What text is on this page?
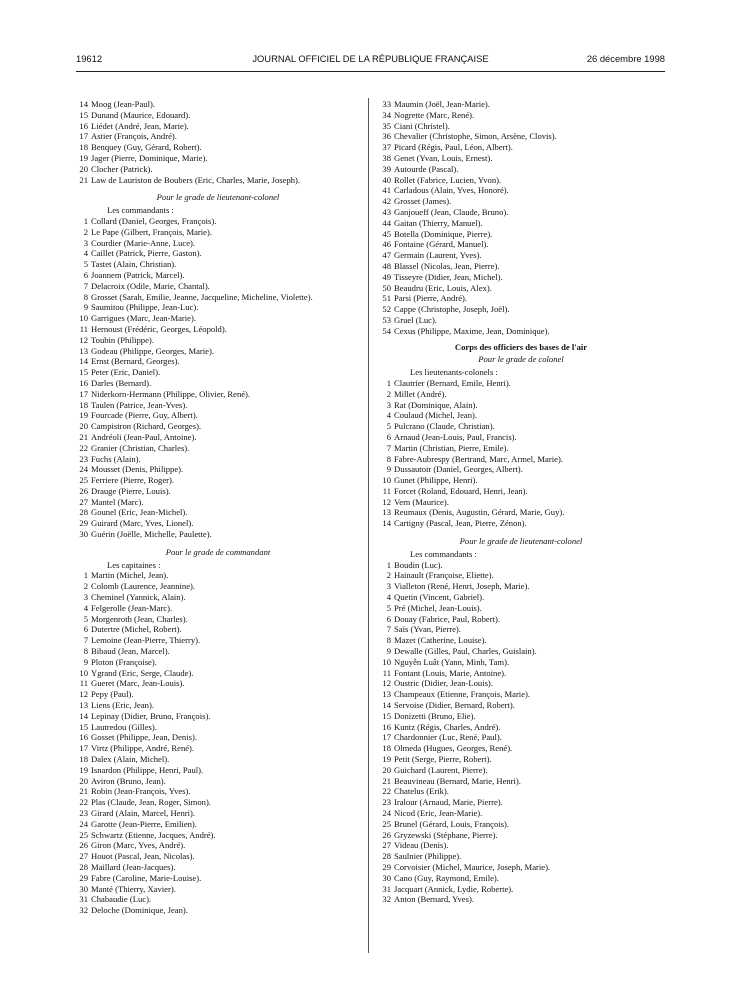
19612	JOURNAL OFFICIEL DE LA RÉPUBLIQUE FRANÇAISE	26 décembre 1998
14 Moog (Jean-Paul).
15 Dunand (Maurice, Edouard).
16 Liédet (André, Jean, Marie).
17 Astier (François, André).
18 Benquey (Guy, Gérard, Robert).
19 Jager (Pierre, Dominique, Marie).
20 Clocher (Patrick).
21 Law de Lauriston de Boubers (Eric, Charles, Marie, Joseph).
Pour le grade de lieutenant-colonel
Les commandants :
1 Collard (Daniel, Georges, François).
2 Le Pape (Gilbert, François, Marie).
3 Courdier (Marie-Anne, Luce).
4 Caillet (Patrick, Pierre, Gaston).
5 Tastet (Alain, Christian).
6 Joannem (Patrick, Marcel).
7 Delacroix (Odile, Marie, Chantal).
8 Grosset (Sarah, Emilie, Jeanne, Jacqueline, Micheline, Violette).
9 Saumitou (Philippe, Jean-Luc).
10 Garrigues (Marc, Jean-Marie).
11 Hernoust (Frédéric, Georges, Léopold).
12 Toubin (Philippe).
13 Godeau (Philippe, Georges, Marie).
14 Ernst (Bernard, Georges).
15 Peter (Eric, Daniel).
16 Darles (Bernard).
17 Niderkorn-Hermann (Philippe, Olivier, René).
18 Taulen (Patrice, Jean-Yves).
19 Fourcade (Pierre, Guy, Albert).
20 Campistron (Richard, Georges).
21 Andréoli (Jean-Paul, Antoine).
22 Granier (Christian, Charles).
23 Fuchs (Alain).
24 Mousset (Denis, Philippe).
25 Ferriere (Pierre, Roger).
26 Drauge (Pierre, Louis).
27 Mantel (Marc).
28 Gounel (Eric, Jean-Michel).
29 Guirard (Marc, Yves, Lionel).
30 Guérin (Joëlle, Michelle, Paulette).
Pour le grade de commandant
Les capitaines :
1 Martin (Michel, Jean).
2 Colomb (Laurence, Jeannine).
3 Cheminel (Yannick, Alain).
4 Felgerolle (Jean-Marc).
5 Morgenroth (Jean, Charles).
6 Dutertre (Michel, Robert).
7 Lemoine (Jean-Pierre, Thierry).
8 Bibaud (Jean, Marcel).
9 Ploton (Françoise).
10 Ygrand (Eric, Serge, Claude).
11 Gueret (Marc, Jean-Louis).
12 Pepy (Paul).
13 Liens (Eric, Jean).
14 Lepinay (Didier, Bruno, François).
15 Lautredou (Gilles).
16 Gosset (Philippe, Jean, Denis).
17 Virtz (Philippe, André, René).
18 Dalex (Alain, Michel).
19 Isnardon (Philippe, Henri, Paul).
20 Aviron (Bruno, Jean).
21 Robin (Jean-François, Yves).
22 Plas (Claude, Jean, Roger, Simon).
23 Girard (Alain, Marcel, Henri).
24 Garotte (Jean-Pierre, Emilien).
25 Schwartz (Etienne, Jacques, André).
26 Giron (Marc, Yves, André).
27 Houot (Pascal, Jean, Nicolas).
28 Maillard (Jean-Jacques).
29 Fabre (Caroline, Marie-Louise).
30 Manté (Thierry, Xavier).
31 Chabaudie (Luc).
32 Deloche (Dominique, Jean).
33 Maumin (Joël, Jean-Marie).
34 Nogrette (Marc, René).
35 Ciani (Christel).
36 Chevalier (Christophe, Simon, Arsène, Clovis).
37 Picard (Régis, Paul, Léon, Albert).
38 Genet (Yvan, Louis, Ernest).
39 Autourde (Pascal).
40 Rollet (Fabrice, Lucien, Yvon).
41 Carladous (Alain, Yves, Honoré).
42 Grosset (James).
43 Ganjoueff (Jean, Claude, Bruno).
44 Gaitan (Thierry, Manuel).
45 Botella (Dominique, Pierre).
46 Fontaine (Gérard, Manuel).
47 Germain (Laurent, Yves).
48 Blassel (Nicolas, Jean, Pierre).
49 Tisseyre (Didier, Jean, Michel).
50 Beaudru (Eric, Louis, Alex).
51 Parsi (Pierre, André).
52 Cappe (Christophe, Joseph, Joël).
53 Gruel (Luc).
54 Cexus (Philippe, Maxime, Jean, Dominique).
Corps des officiers des bases de l'air
Pour le grade de colonel
Les lieutenants-colonels :
1 Clautrier (Bernard, Emile, Henri).
2 Millet (André).
3 Rat (Dominique, Alain).
4 Coulaud (Michel, Jean).
5 Pulcrano (Claude, Christian).
6 Arnaud (Jean-Louis, Paul, Francis).
7 Martin (Christian, Pierre, Emile).
8 Fabre-Aubrespy (Bertrand, Marc, Armel, Marie).
9 Dussautoir (Daniel, Georges, Albert).
10 Gunet (Philippe, Henri).
11 Forcet (Roland, Edouard, Henri, Jean).
12 Vern (Maurice).
13 Reumaux (Denis, Augustin, Gérard, Marie, Guy).
14 Cartigny (Pascal, Jean, Pierre, Zénon).
Pour le grade de lieutenant-colonel
Les commandants :
1 Boudin (Luc).
2 Hainault (Françoise, Eliette).
3 Vialleton (René, Henri, Joseph, Marie).
4 Quetin (Vincent, Gabriel).
5 Pré (Michel, Jean-Louis).
6 Douay (Fabrice, Paul, Robert).
7 Saïs (Yvan, Pierre).
8 Mazet (Catherine, Louise).
9 Dewalle (Gilles, Paul, Charles, Guislain).
10 Nguyễn Luât (Yann, Minh, Tam).
11 Fontant (Louis, Marie, Antoine).
12 Oustric (Didier, Jean-Louis).
13 Champeaux (Etienne, François, Marie).
14 Servoise (Didier, Bernard, Robert).
15 Donizetti (Bruno, Elie).
16 Kuntz (Régis, Charles, André).
17 Chardonnier (Luc, René, Paul).
18 Olmeda (Hugues, Georges, René).
19 Petit (Serge, Pierre, Robert).
20 Guichard (Laurent, Pierre).
21 Beauvineau (Bernard, Marie, Henri).
22 Chatelus (Erik).
23 Iralour (Arnaud, Marie, Pierre).
24 Nicod (Eric, Jean-Marie).
25 Brunel (Gérard, Louis, François).
26 Gryzewski (Stéphane, Pierre).
27 Videau (Denis).
28 Saulnier (Philippe).
29 Corvoisier (Michel, Maurice, Joseph, Marie).
30 Cano (Guy, Raymond, Emile).
31 Jacquart (Annick, Lydie, Roberte).
32 Anton (Bernard, Yves).
